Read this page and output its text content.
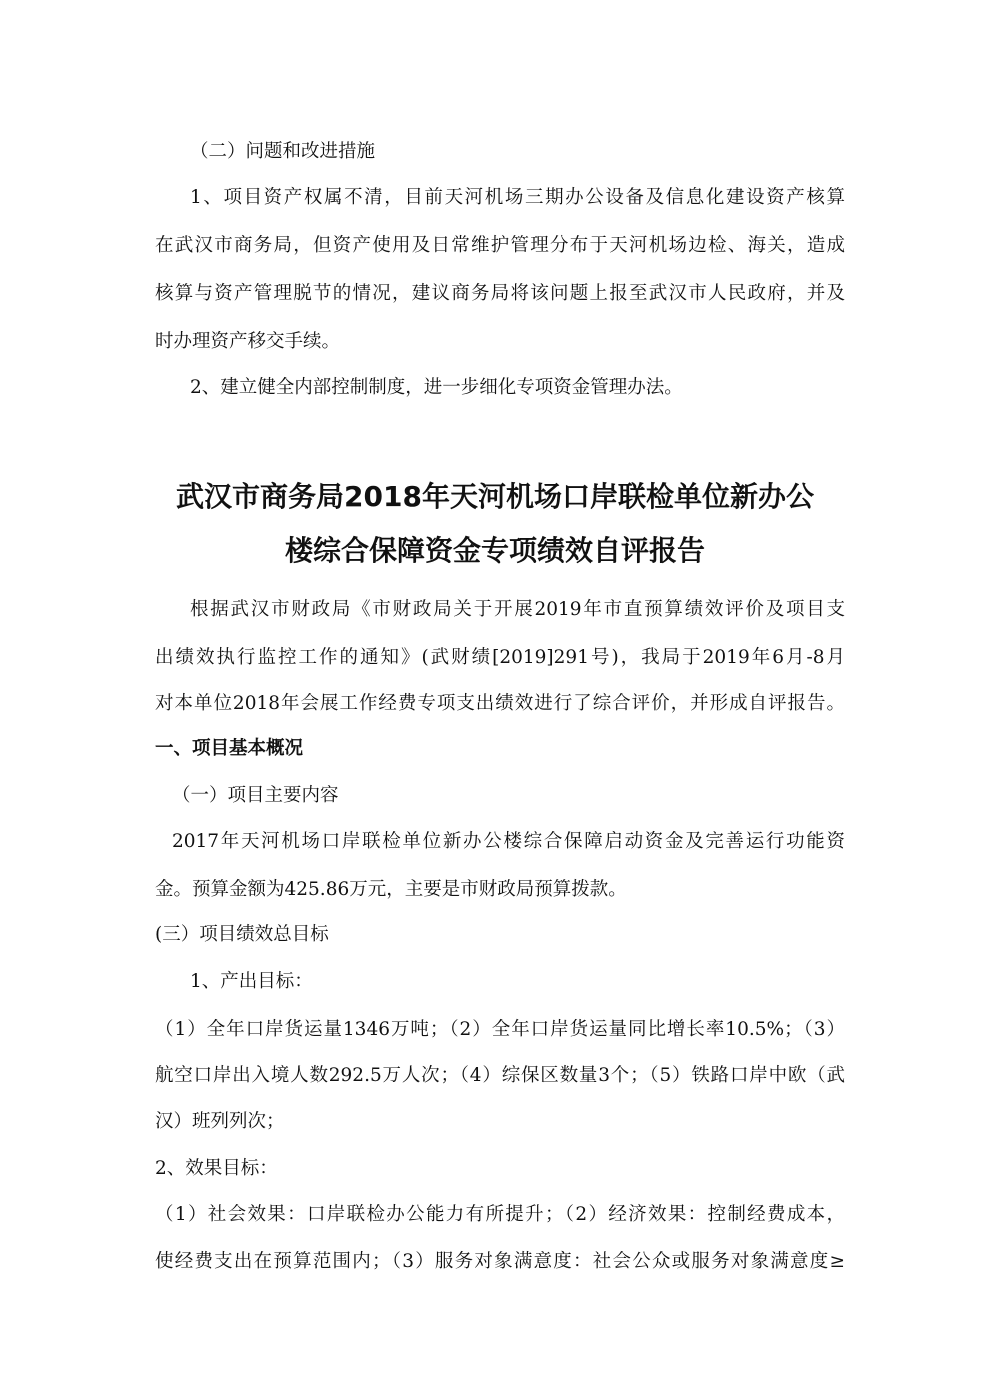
（二）问题和改进措施
1、项目资产权属不清，目前天河机场三期办公设备及信息化建设资产核算
在武汉市商务局，但资产使用及日常维护管理分布于天河机场边检、海关，造成
核算与资产管理脱节的情况，建议商务局将该问题上报至武汉市人民政府，并及
时办理资产移交手续。
2、建立健全内部控制制度，进一步细化专项资金管理办法。
武汉市商务局2018年天河机场口岸联检单位新办公
楼综合保障资金专项绩效自评报告
根据武汉市财政局《市财政局关于开展2019年市直预算绩效评价及项目支
出绩效执行监控工作的通知》(武财绩[2019]291号)，我局于2019年6月-8月
对本单位2018年会展工作经费专项支出绩效进行了综合评价，并形成自评报告。
一、项目基本概况
（一）项目主要内容
2017年天河机场口岸联检单位新办公楼综合保障启动资金及完善运行功能资
金。预算金额为425.86万元，主要是市财政局预算拨款。
(三）项目绩效总目标
1、产出目标：
（1）全年口岸货运量1346万吨；（2）全年口岸货运量同比增长率10.5%；（3）
航空口岸出入境人数292.5万人次；（4）综保区数量3个；（5）铁路口岸中欧（武
汉）班列列次；
2、效果目标：
（1）社会效果：口岸联检办公能力有所提升；（2）经济效果：控制经费成本，
使经费支出在预算范围内；（3）服务对象满意度：社会公众或服务对象满意度≥
